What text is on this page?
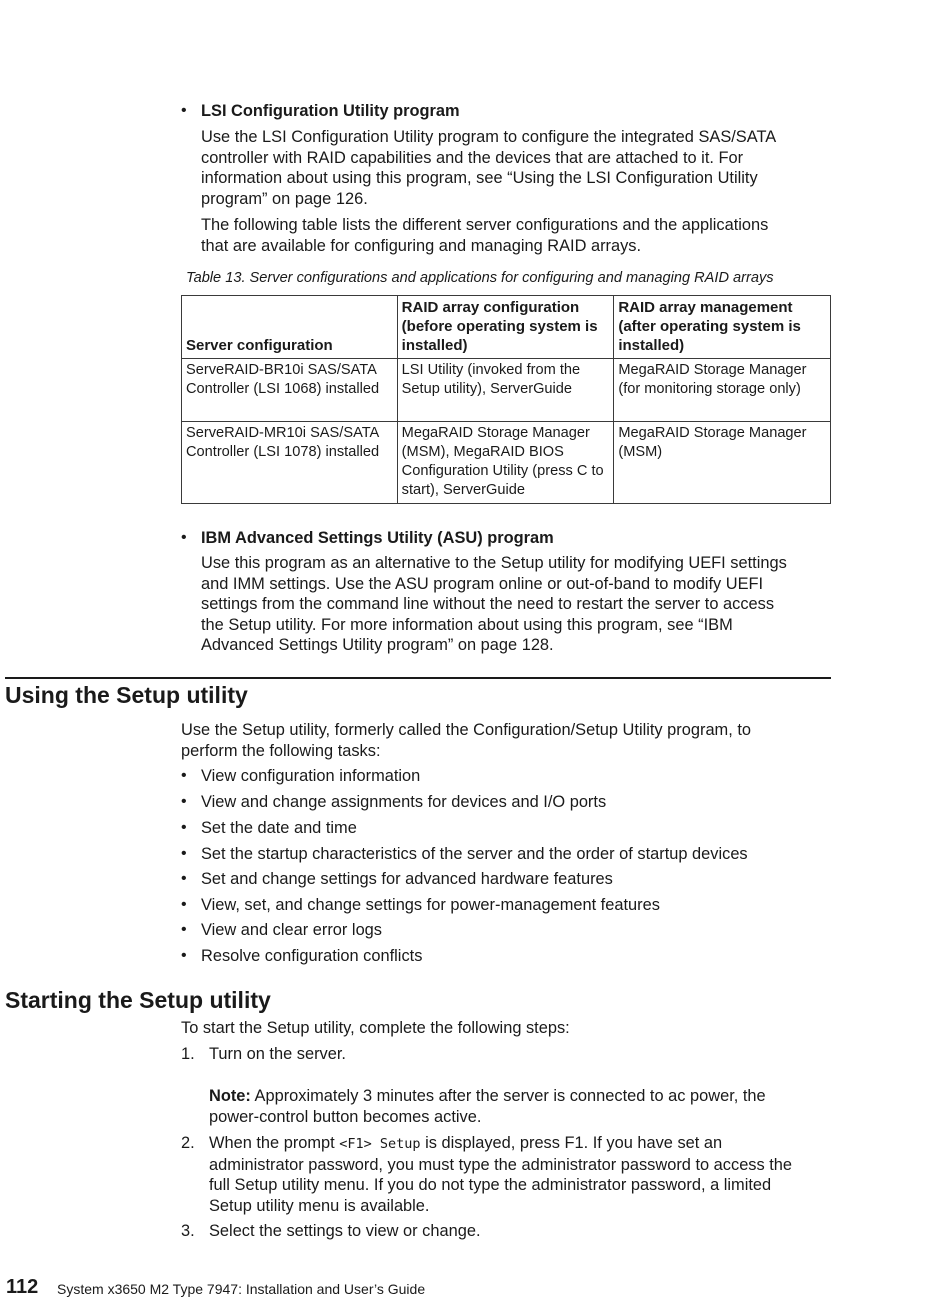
• LSI Configuration Utility program
Use the LSI Configuration Utility program to configure the integrated SAS/SATA
controller with RAID capabilities and the devices that are attached to it. For
information about using this program, see “Using the LSI Configuration Utility
program” on page 126.
The following table lists the different server configurations and the applications
that are available for configuring and managing RAID arrays.
Table 13. Server configurations and applications for configuring and managing RAID arrays
Server configuration	RAID array configuration (before operating system is installed)	RAID array management (after operating system is installed)
ServeRAID-BR10i SAS/SATA Controller (LSI 1068) installed	LSI Utility (invoked from the Setup utility), ServerGuide	MegaRAID Storage Manager (for monitoring storage only)
ServeRAID-MR10i SAS/SATA Controller (LSI 1078) installed	MegaRAID Storage Manager (MSM), MegaRAID BIOS Configuration Utility (press C to start), ServerGuide	MegaRAID Storage Manager (MSM)
• IBM Advanced Settings Utility (ASU) program
Use this program as an alternative to the Setup utility for modifying UEFI settings
and IMM settings. Use the ASU program online or out-of-band to modify UEFI
settings from the command line without the need to restart the server to access
the Setup utility. For more information about using this program, see “IBM
Advanced Settings Utility program” on page 128.
Using the Setup utility
Use the Setup utility, formerly called the Configuration/Setup Utility program, to
perform the following tasks:
• View configuration information
• View and change assignments for devices and I/O ports
• Set the date and time
• Set the startup characteristics of the server and the order of startup devices
• Set and change settings for advanced hardware features
• View, set, and change settings for power-management features
• View and clear error logs
• Resolve configuration conflicts
Starting the Setup utility
To start the Setup utility, complete the following steps:
1. Turn on the server.
Note: Approximately 3 minutes after the server is connected to ac power, the
power-control button becomes active.
2. When the prompt <F1> Setup is displayed, press F1. If you have set an
administrator password, you must type the administrator password to access the
full Setup utility menu. If you do not type the administrator password, a limited
Setup utility menu is available.
3. Select the settings to view or change.
112 System x3650 M2 Type 7947: Installation and User’s Guide
